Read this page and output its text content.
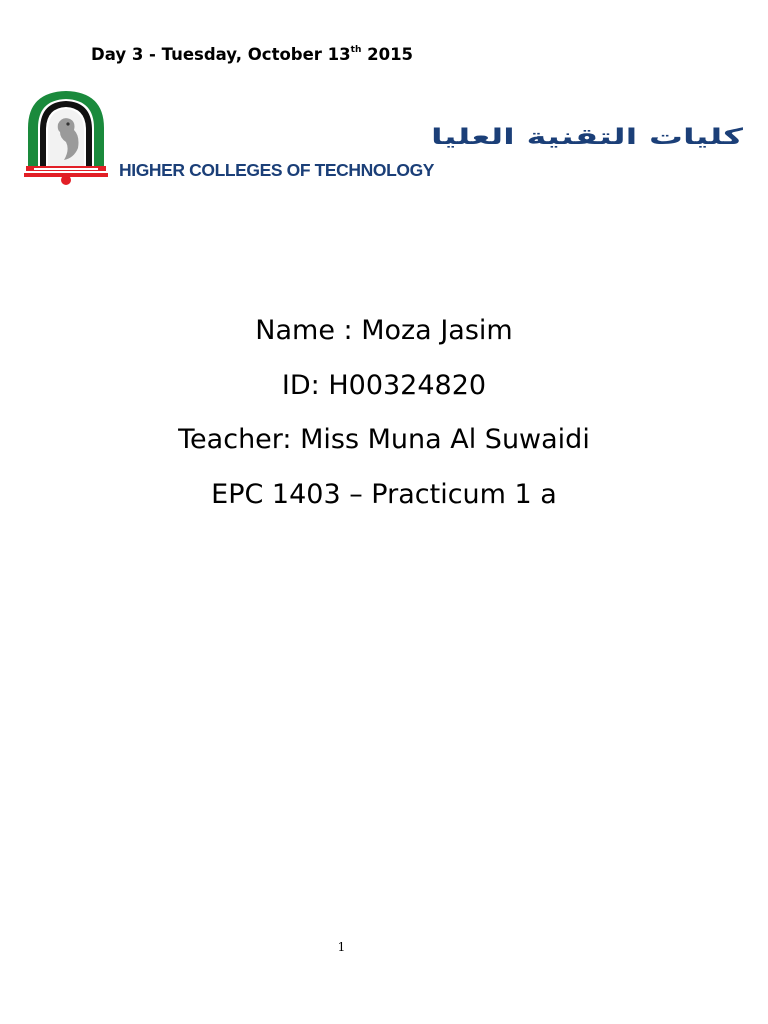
Day 3 - Tuesday, October 13th 2015
كليات التقنية العليا
HIGHER COLLEGES OF TECHNOLOGY
Name : Moza Jasim
ID: H00324820
Teacher: Miss Muna Al Suwaidi
EPC 1403 – Practicum 1 a
1
